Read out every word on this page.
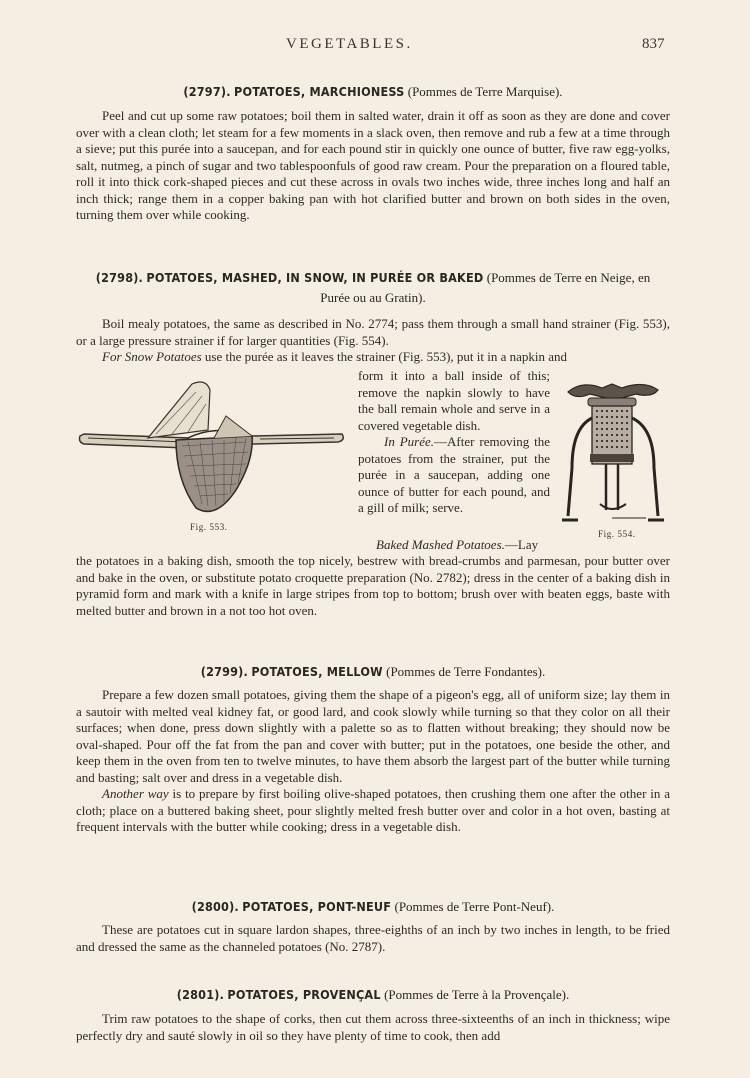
VEGETABLES.	837
(2797). POTATOES, MARCHIONESS (Pommes de Terre Marquise).

Peel and cut up some raw potatoes; boil them in salted water, drain it off as soon as they are done and cover over with a clean cloth; let steam for a few moments in a slack oven, then remove and rub a few at a time through a sieve; put this purée into a saucepan, and for each pound stir in quickly one ounce of butter, five raw egg-yolks, salt, nutmeg, a pinch of sugar and two tablespoonfuls of good raw cream. Pour the preparation on a floured table, roll it into thick cork-shaped pieces and cut these across in ovals two inches wide, three inches long and half an inch thick; range them in a copper baking pan with hot clarified butter and brown on both sides in the oven, turning them over while cooking.

(2798). POTATOES, MASHED, IN SNOW, IN PURÉE OR BAKED (Pommes de Terre en Neige, en
Purée ou au Gratin).

Boil mealy potatoes, the same as described in No. 2774; pass them through a small hand strainer (Fig. 553), or a large pressure strainer if for larger quantities (Fig. 554).

For Snow Potatoes use the purée as it leaves the strainer (Fig. 553), put it in a napkin and

Fig. 553.

form it into a ball inside of this; remove the napkin slowly to have the ball remain whole and serve in a covered vegetable dish.

In Purée.—After removing the potatoes from the strainer, put the purée in a saucepan, adding one ounce of butter for each pound, and a gill of milk; serve.

Fig. 554.

Baked Mashed Potatoes.—Lay

the potatoes in a baking dish, smooth the top nicely, bestrew with bread-crumbs and parmesan, pour butter over and bake in the oven, or substitute potato croquette preparation (No. 2782); dress in the center of a baking dish in pyramid form and mark with a knife in large stripes from top to bottom; brush over with beaten eggs, baste with melted butter and brown in a not too hot oven.

(2799). POTATOES, MELLOW (Pommes de Terre Fondantes).

Prepare a few dozen small potatoes, giving them the shape of a pigeon's egg, all of uniform size; lay them in a sautoir with melted veal kidney fat, or good lard, and cook slowly while turning so that they color on all their surfaces; when done, press down slightly with a palette so as to flatten without breaking; they should now be oval-shaped. Pour off the fat from the pan and cover with butter; put in the potatoes, one beside the other, and keep them in the oven from ten to twelve minutes, to have them absorb the largest part of the butter while turning and basting; salt over and dress in a vegetable dish.

Another way is to prepare by first boiling olive-shaped potatoes, then crushing them one after the other in a cloth; place on a buttered baking sheet, pour slightly melted fresh butter over and color in a hot oven, basting at frequent intervals with the butter while cooking; dress in a vegetable dish.

(2800). POTATOES, PONT-NEUF (Pommes de Terre Pont-Neuf).

These are potatoes cut in square lardon shapes, three-eighths of an inch by two inches in length, to be fried and dressed the same as the channeled potatoes (No. 2787).

(2801). POTATOES, PROVENÇAL (Pommes de Terre à la Provençale).

Trim raw potatoes to the shape of corks, then cut them across three-sixteenths of an inch in thickness; wipe perfectly dry and sauté slowly in oil so they have plenty of time to cook, then add
